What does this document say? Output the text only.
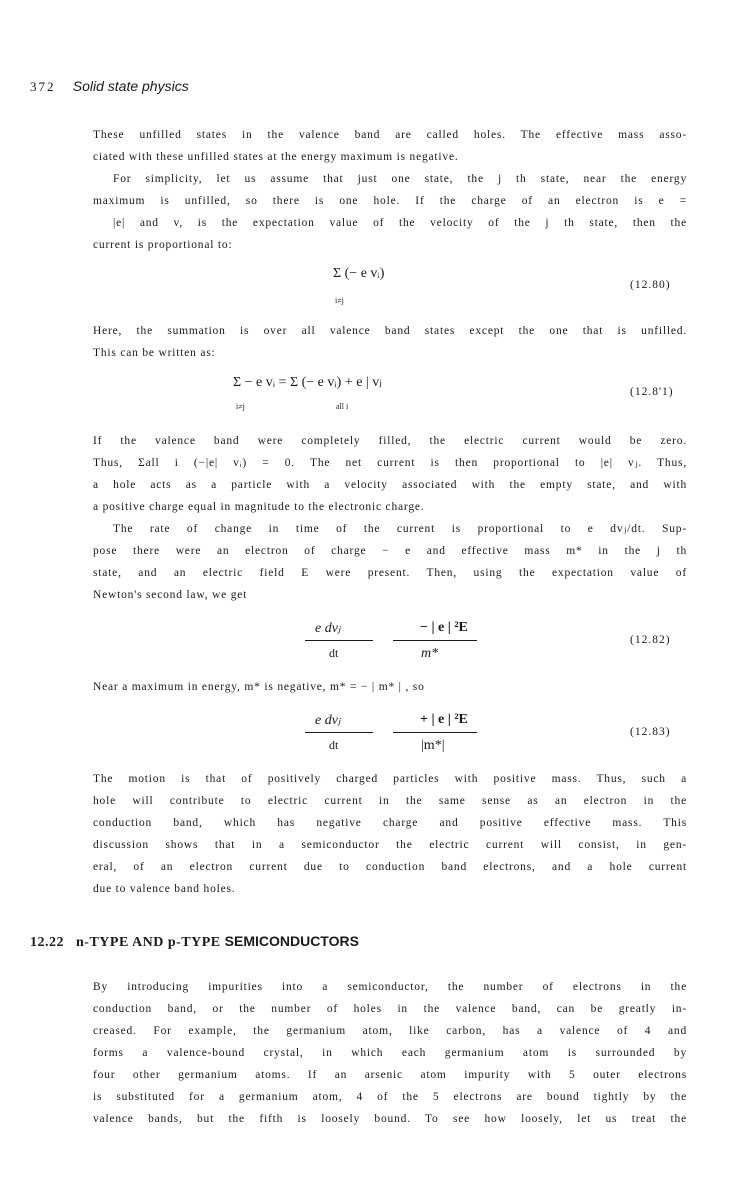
372 Solid state physics
These unfilled states in the valence band are called holes. The effective mass asso-
ciated with these unfilled states at the energy maximum is negative.
For simplicity, let us assume that just one state, the j th state, near the energy
maximum is unfilled, so there is one hole. If the charge of an electron is e =
|e| and v, is the expectation value of the velocity of the j th state, then the
current is proportional to:
Σ (− e vᵢ)
i≠j
(12.80)
Here, the summation is over all valence band states except the one that is unfilled.
This can be written as:
Σ − e vᵢ = Σ (− e vᵢ) + e | vⱼ
i≠j	all i
(12.8'1)
If the valence band were completely filled, the electric current would be zero.
Thus, Σall i (−|e| vᵢ) = 0. The net current is then proportional to |e| vⱼ. Thus,
a hole acts as a particle with a velocity associated with the empty state, and with
a positive charge equal in magnitude to the electronic charge.
The rate of change in time of the current is proportional to e dvⱼ/dt. Sup-
pose there were an electron of charge − e and effective mass m* in the j th
state, and an electric field E were present. Then, using the expectation value of
Newton's second law, we get
e dvⱼ
dt
− | e | ²E
m*
(12.82)
Near a maximum in energy, m* is negative, m* = − | m* | , so
e dvⱼ
dt
+ | e | ²E
|m*|
(12.83)
The motion is that of positively charged particles with positive mass. Thus, such a
hole will contribute to electric current in the same sense as an electron in the
conduction band, which has negative charge and positive effective mass. This
discussion shows that in a semiconductor the electric current will consist, in gen-
eral, of an electron current due to conduction band electrons, and a hole current
due to valence band holes.
12.22 n-TYPE AND p-TYPE SEMICONDUCTORS
By introducing impurities into a semiconductor, the number of electrons in the
conduction band, or the number of holes in the valence band, can be greatly in-
creased. For example, the germanium atom, like carbon, has a valence of 4 and
forms a valence-bound crystal, in which each germanium atom is surrounded by
four other germanium atoms. If an arsenic atom impurity with 5 outer electrons
is substituted for a germanium atom, 4 of the 5 electrons are bound tightly by the
valence bands, but the fifth is loosely bound. To see how loosely, let us treat the
